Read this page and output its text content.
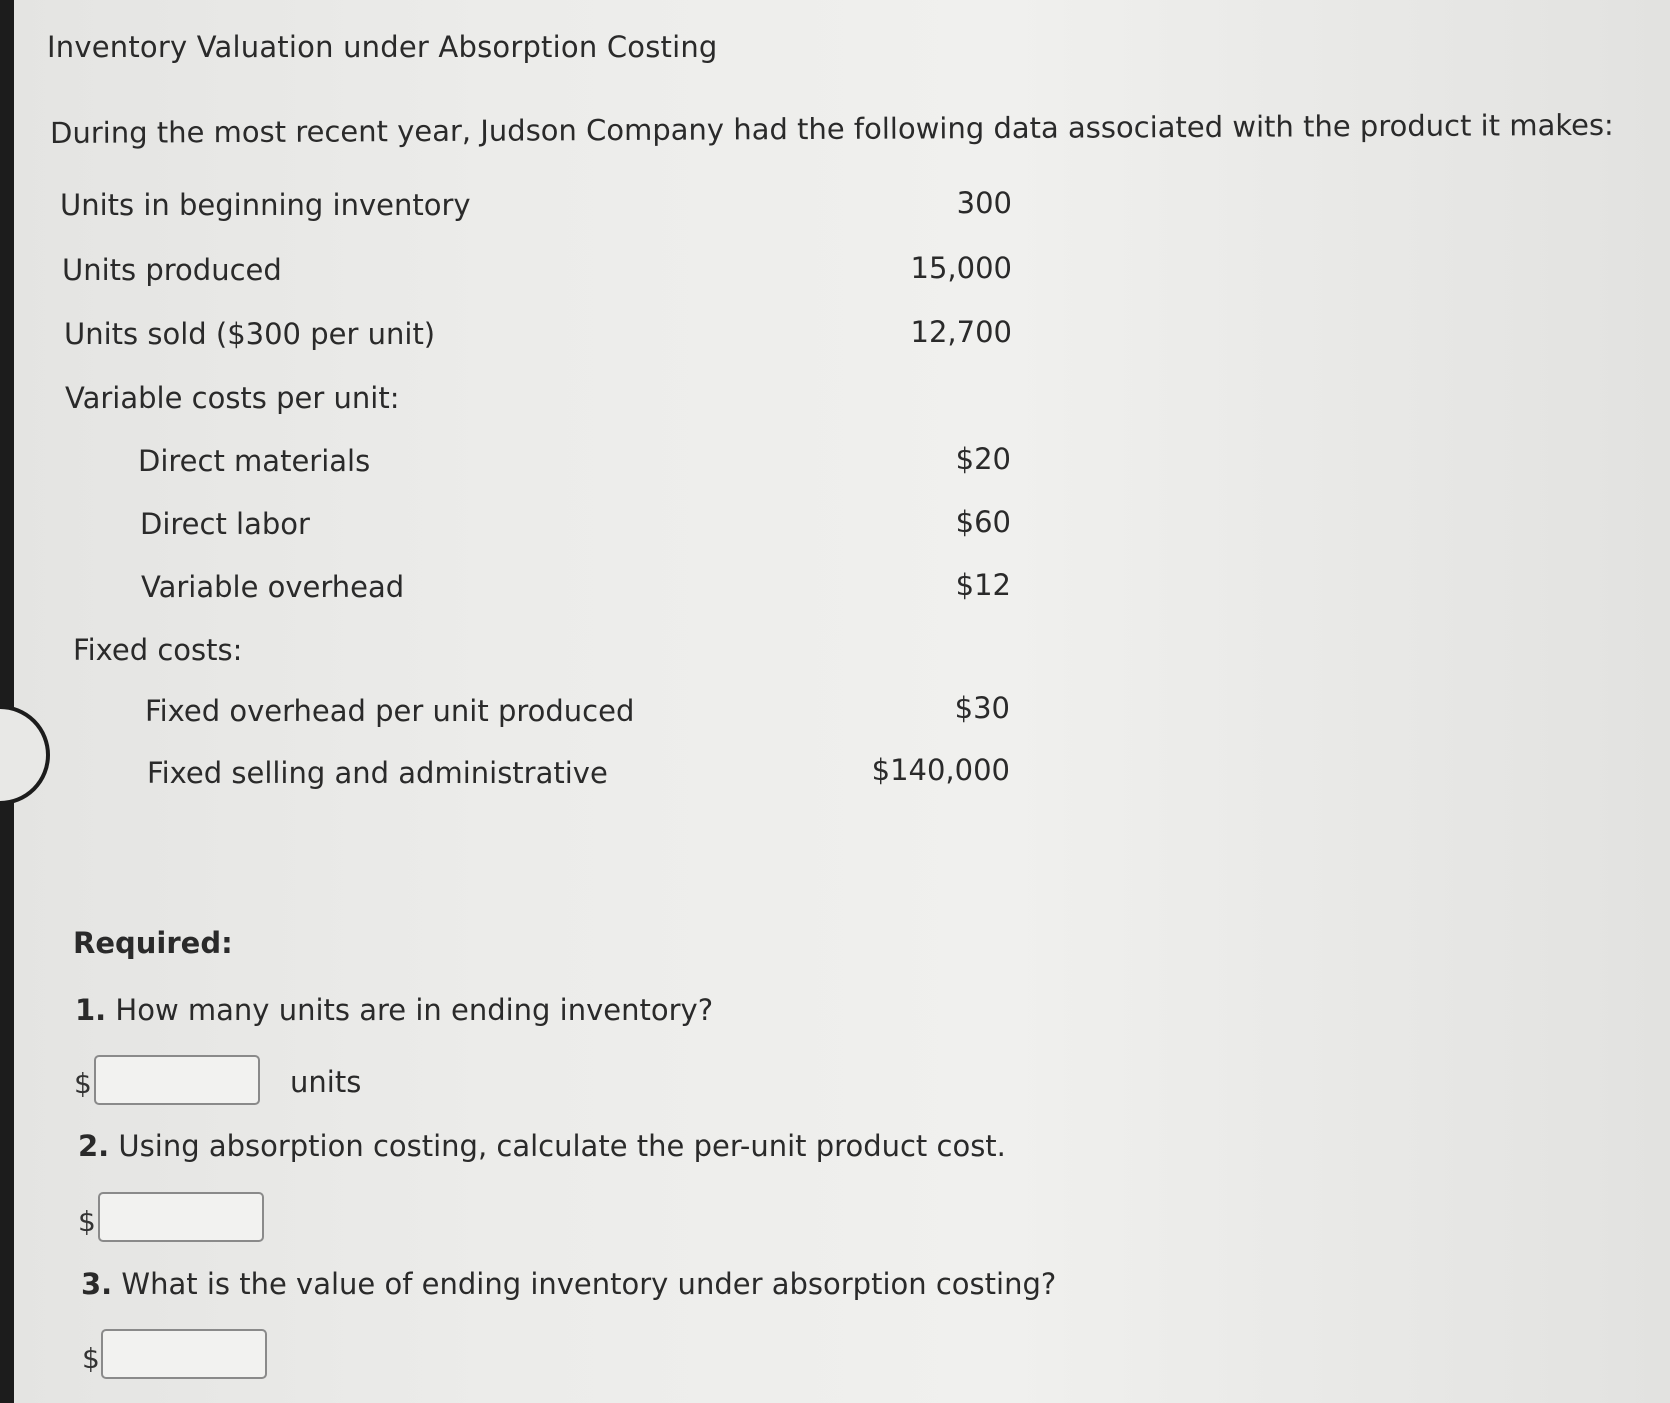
Inventory Valuation under Absorption Costing
During the most recent year, Judson Company had the following data associated with the product it makes:
Units in beginning inventory	300
Units produced	15,000
Units sold ($300 per unit)	12,700
Variable costs per unit:
Direct materials	$20
Direct labor	$60
Variable overhead	$12
Fixed costs:
Fixed overhead per unit produced	$30
Fixed selling and administrative	$140,000
Required:
1. How many units are in ending inventory?
$	units
2. Using absorption costing, calculate the per-unit product cost.
$
3. What is the value of ending inventory under absorption costing?
$
